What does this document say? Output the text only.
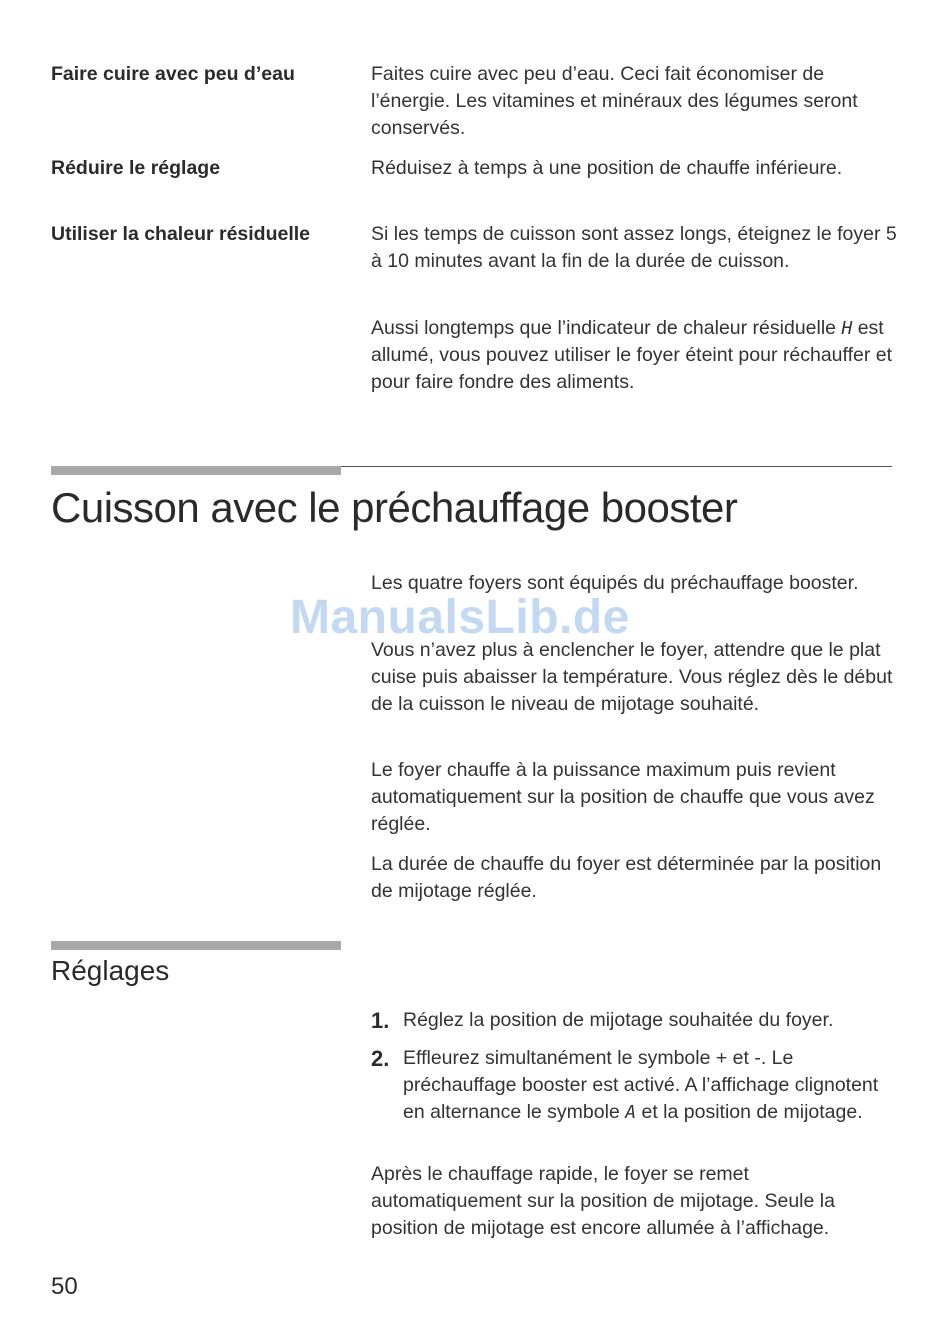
Faire cuire avec peu d’eau	Faites cuire avec peu d’eau. Ceci fait économiser de l’énergie. Les vitamines et minéraux des légumes seront conservés.
Réduire le réglage	Réduisez à temps à une position de chauffe inférieure.
Utiliser la chaleur résiduelle	Si les temps de cuisson sont assez longs, éteignez le foyer 5 à 10 minutes avant la fin de la durée de cuisson.
Aussi longtemps que l’indicateur de chaleur résiduelle H est allumé, vous pouvez utiliser le foyer éteint pour réchauffer et pour faire fondre des aliments.
Cuisson avec le préchauffage booster
Les quatre foyers sont équipés du préchauffage booster.
Vous n’avez plus à enclencher le foyer, attendre que le plat cuise puis abaisser la température. Vous réglez dès le début de la cuisson le niveau de mijotage souhaité.
Le foyer chauffe à la puissance maximum puis revient automatiquement sur la position de chauffe que vous avez réglée.
La durée de chauffe du foyer est déterminée par la position de mijotage réglée.
ManualsLib.de
Réglages
1. Réglez la position de mijotage souhaitée du foyer.
2. Effleurez simultanément le symbole + et -. Le préchauffage booster est activé. A l’affichage clignotent en alternance le symbole A et la position de mijotage.
Après le chauffage rapide, le foyer se remet automatiquement sur la position de mijotage. Seule la position de mijotage est encore allumée à l’affichage.
50
